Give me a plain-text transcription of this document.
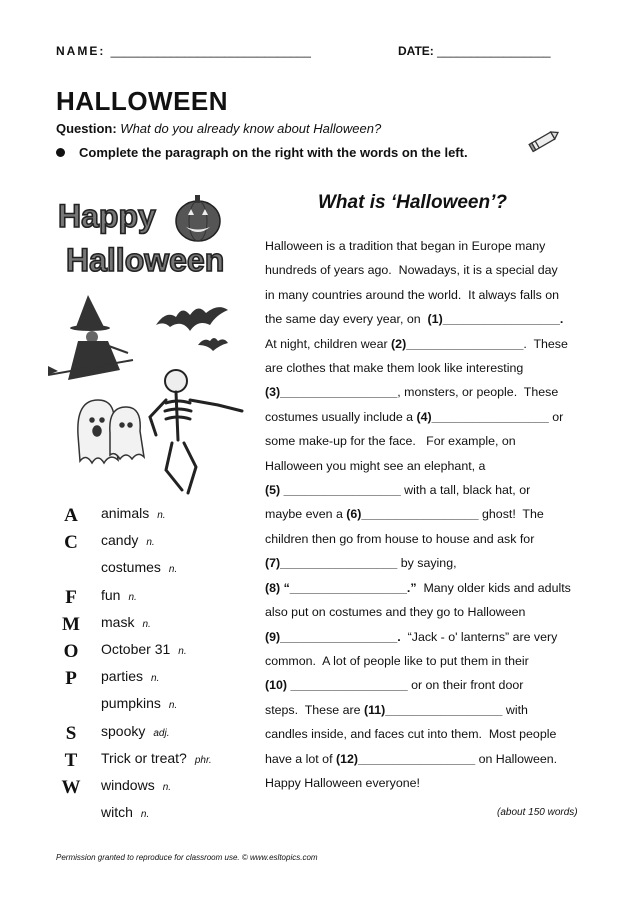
NAME: ______________________________	DATE: _________________
HALLOWEEN
Question: What do you already know about Halloween?
Complete the paragraph on the right with the words on the left.
Happy
Halloween
A	animals n.
C	candy n.
costumes n.
F	fun n.
M	mask n.
O	October 31 n.
P	parties n.
pumpkins n.
S	spooky adj.
T	Trick or treat? phr.
W	windows n.
witch n.
What is ‘Halloween’?
Halloween is a tradition that began in Europe many
hundreds of years ago.  Nowadays, it is a special day
in many countries around the world.  It always falls on
the same day every year, on  (1)_________________.
At night, children wear (2)_________________.  These
are clothes that make them look like interesting
(3)_________________, monsters, or people.  These
costumes usually include a (4)_________________ or
some make-up for the face.   For example, on
Halloween you might see an elephant, a
(5) _________________ with a tall, black hat, or
maybe even a (6)_________________ ghost!  The
children then go from house to house and ask for
(7)_________________ by saying,
(8) “_________________.”  Many older kids and adults
also put on costumes and they go to Halloween
(9)_________________.  “Jack - o' lanterns” are very
common.  A lot of people like to put them in their
(10) _________________ or on their front door
steps.  These are (11)_________________ with
candles inside, and faces cut into them.  Most people
have a lot of (12)_________________ on Halloween.
Happy Halloween everyone!
(about 150 words)
Permission granted to reproduce for classroom use. © www.esltopics.com
